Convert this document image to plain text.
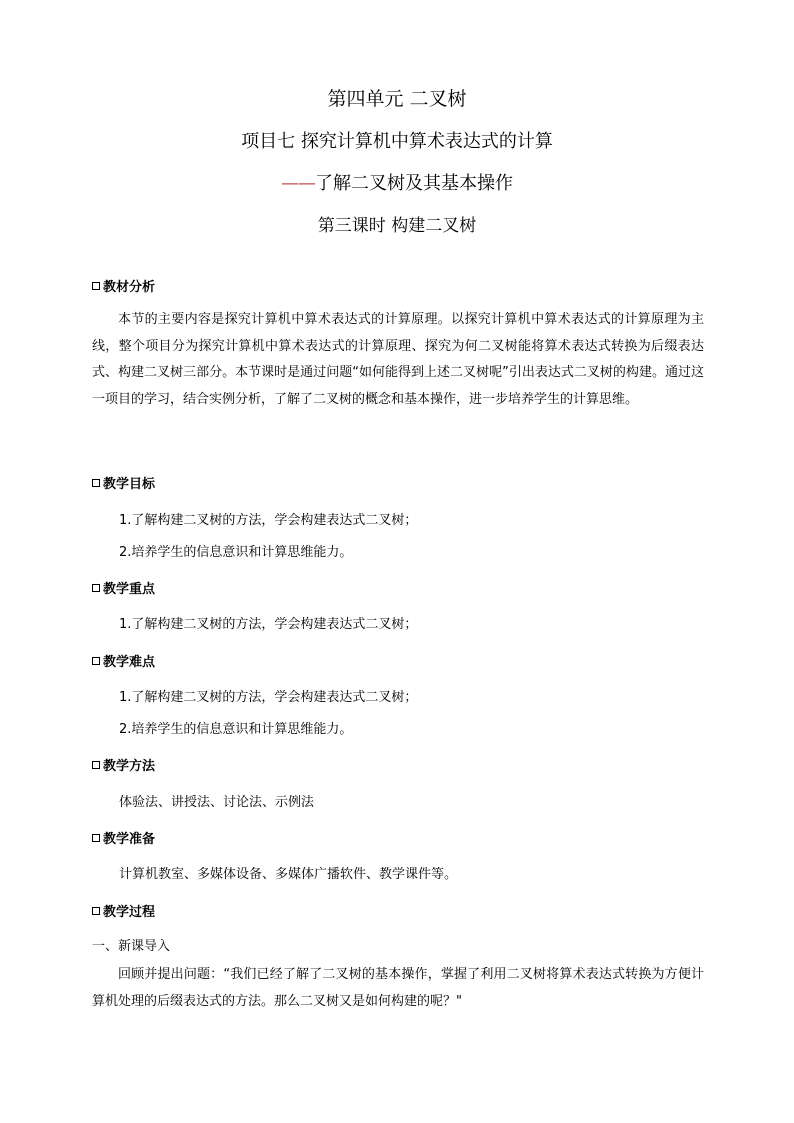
第四单元 二叉树
项目七 探究计算机中算术表达式的计算
——了解二叉树及其基本操作
第三课时 构建二叉树
教材分析
本节的主要内容是探究计算机中算术表达式的计算原理。以探究计算机中算术表达式的计算原理为主线，整个项目分为探究计算机中算术表达式的计算原理、探究为何二叉树能将算术表达式转换为后缀表达式、构建二叉树三部分。本节课时是通过问题“如何能得到上述二叉树呢”引出表达式二叉树的构建。通过这一项目的学习，结合实例分析，了解了二叉树的概念和基本操作，进一步培养学生的计算思维。
教学目标
1.了解构建二叉树的方法，学会构建表达式二叉树；
2.培养学生的信息意识和计算思维能力。
教学重点
1.了解构建二叉树的方法，学会构建表达式二叉树；
教学难点
1.了解构建二叉树的方法，学会构建表达式二叉树；
2.培养学生的信息意识和计算思维能力。
教学方法
体验法、讲授法、讨论法、示例法
教学准备
计算机教室、多媒体设备、多媒体广播软件、教学课件等。
教学过程
一、新课导入
回顾并提出问题：“我们已经了解了二叉树的基本操作，掌握了利用二叉树将算术表达式转换为方便计算机处理的后缀表达式的方法。那么二叉树又是如何构建的呢？"
